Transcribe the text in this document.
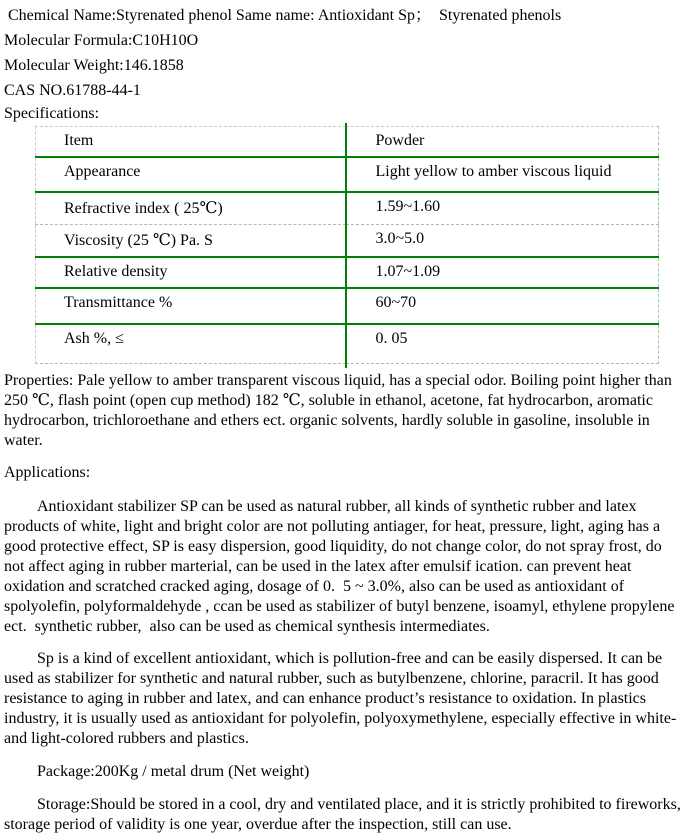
Chemical Name:Styrenated phenol Same name: Antioxidant Sp；  Styrenated phenols
Molecular Formula:C10H10O
Molecular Weight:146.1858
CAS NO.61788-44-1
Specifications:
Item	Powder
Appearance	Light yellow to amber viscous liquid
Refractive index ( 25℃)	1.59~1.60
Viscosity (25 ℃) Pa. S	3.0~5.0
Relative density	1.07~1.09
Transmittance %	60~70
Ash %, ≤	0. 05
Properties: Pale yellow to amber transparent viscous liquid, has a special odor. Boiling point higher than
250 ℃, flash point (open cup method) 182 ℃, soluble in ethanol, acetone, fat hydrocarbon, aromatic
hydrocarbon, trichloroethane and ethers ect. organic solvents, hardly soluble in gasoline, insoluble in
water.
Applications:
Antioxidant stabilizer SP can be used as natural rubber, all kinds of synthetic rubber and latex
products of white, light and bright color are not polluting antiager, for heat, pressure, light, aging has a
good protective effect, SP is easy dispersion, good liquidity, do not change color, do not spray frost, do
not affect aging in rubber marterial, can be used in the latex after emulsif ication. can prevent heat
oxidation and scratched cracked aging, dosage of 0.  5 ~ 3.0%, also can be used as antioxidant of
spolyolefin, polyformaldehyde , ccan be used as stabilizer of butyl benzene, isoamyl, ethylene propylene
ect.  synthetic rubber,  also can be used as chemical synthesis intermediates.
Sp is a kind of excellent antioxidant, which is pollution-free and can be easily dispersed. It can be
used as stabilizer for synthetic and natural rubber, such as butylbenzene, chlorine, paracril. It has good
resistance to aging in rubber and latex, and can enhance product’s resistance to oxidation. In plastics
industry, it is usually used as antioxidant for polyolefin, polyoxymethylene, especially effective in white-
and light-colored rubbers and plastics.
Package:200Kg / metal drum (Net weight)
Storage:Should be stored in a cool, dry and ventilated place, and it is strictly prohibited to fireworks,
storage period of validity is one year, overdue after the inspection, still can use.
